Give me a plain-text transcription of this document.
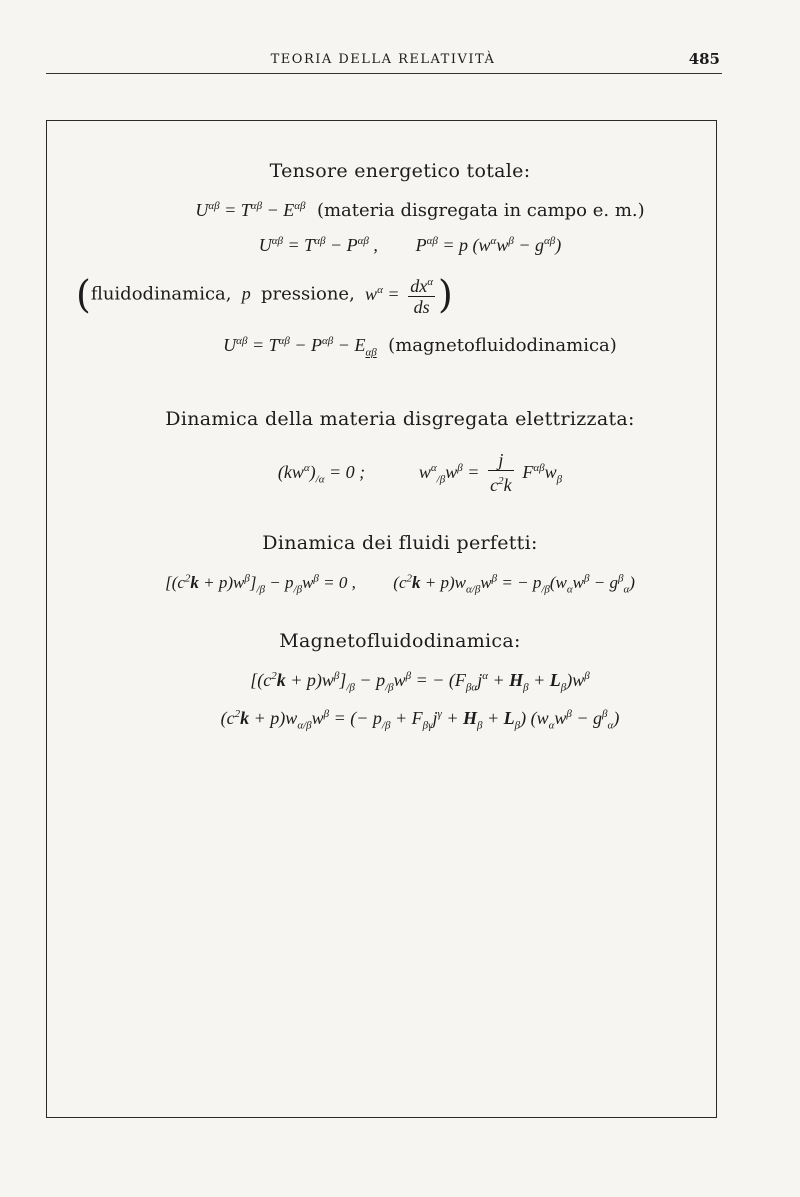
TEORIA DELLA RELATIVITÀ	485
Tensore energetico totale:
$U^{\alpha\beta} = T^{\alpha\beta} - E^{\alpha\beta}$ (materia disgregata in campo e. m.)
$U^{\alpha\beta} = T^{\alpha\beta} - P^{\alpha\beta}$ , $P^{\alpha\beta} = p$ $(w^\alpha w^\beta - g^{\alpha\beta})$
(fluidodinamica,  p  pressione,  $w^\alpha = \frac{dx^\alpha}{ds}$ )
$U^{\alpha\beta} = T^{\alpha\beta} - P^{\alpha\beta} - E_{\alpha\beta}$ (magnetofluidodinamica)
Dinamica della materia disgregata elettrizzata:
$(kw^\alpha)_{/\alpha} = 0$ ;	$w^\alpha_{/\beta}w^\beta = \frac{j}{c^2k} F^{\alpha\beta}w_\beta$
Dinamica dei fluidi perfetti:
$[(c^2k + p)w^\beta]_{/\beta} - p_{/\beta}w^\beta = 0$ , $(c^2k + p)w_{\alpha/\beta}w^\beta$ = − $p_{/\beta}(w_\alpha w^\beta - g^\beta_\alpha)$
Magnetofluidodinamica:
$[(c^2k + p)w^\beta]_{/\beta} - p_{/\beta}w^\beta$ = − $(F_{\beta\alpha}j^\alpha + H_\beta + L_\beta)w^\beta$
$(c^2k + p)w_{\alpha/\beta}w^\beta$ = (− $p_{/\beta} + F_{\beta\gamma}j^\gamma + H_\beta + L_\beta$) $(w_\alpha w^\beta - g^\beta_\alpha)$
